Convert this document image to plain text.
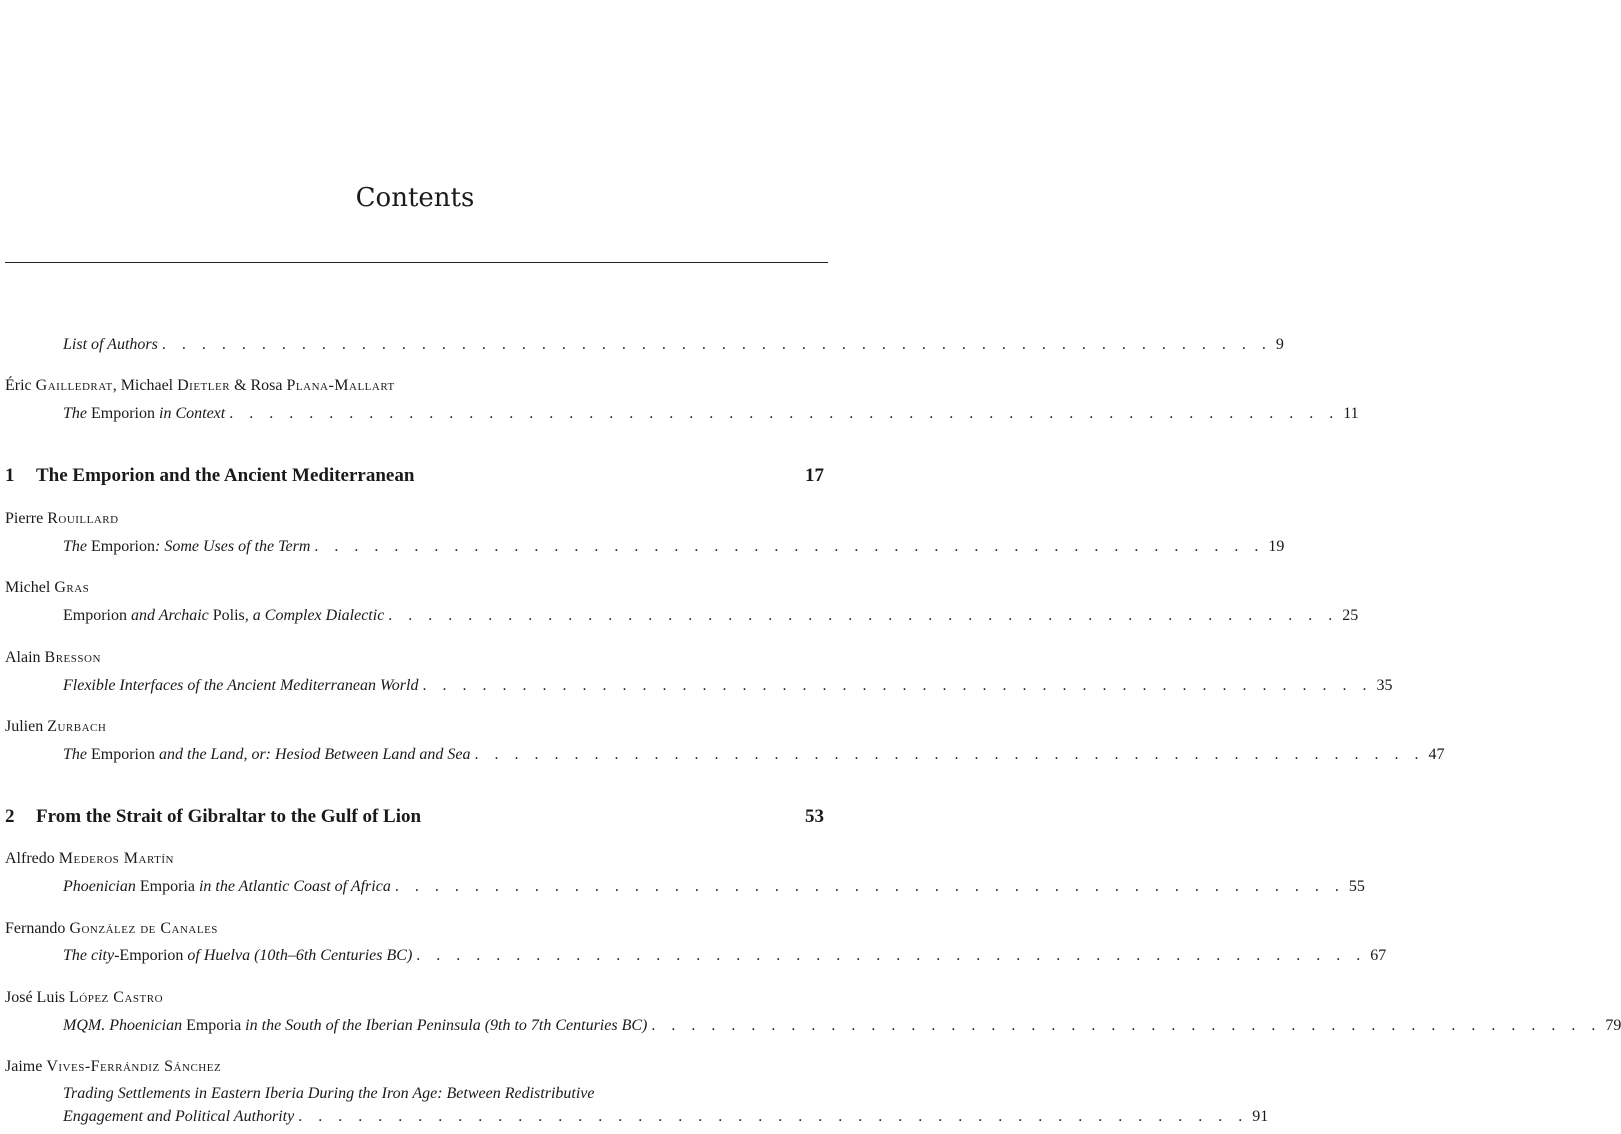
Contents
List of Authors . . . . . . . . . . . . . . . . . . . . . . . . . . . . . . . . . . . . . . . . . . . . . . . . . . . . . . . . 9
Éric Gailledrat, Michael Dietler & Rosa Plana-Mallart
The Emporion in Context . . . . . . . . . . . . . . . . . . . . . . . . . . . . . . . . . . . . . . . . . . . . . . . . . . . . . . . . 11
1	The Emporion and the Ancient Mediterranean	17
Pierre Rouillard
The Emporion: Some Uses of the Term . . . . . . . . . . . . . . . . . . . . . . . . . . . . . . . . . . . . . . . . . . . . . . . . 19
Michel Gras
Emporion and Archaic Polis, a Complex Dialectic . . . . . . . . . . . . . . . . . . . . . . . . . . . . . . . . . . . . . . . . . . . . . . . . 25
Alain Bresson
Flexible Interfaces of the Ancient Mediterranean World . . . . . . . . . . . . . . . . . . . . . . . . . . . . . . . . . . . . . . . . . . . . . . . . 35
Julien Zurbach
The Emporion and the Land, or: Hesiod Between Land and Sea . . . . . . . . . . . . . . . . . . . . . . . . . . . . . . . . . . . . . . . . . . . . . . . . 47
2	From the Strait of Gibraltar to the Gulf of Lion	53
Alfredo Mederos Martín
Phoenician Emporia in the Atlantic Coast of Africa . . . . . . . . . . . . . . . . . . . . . . . . . . . . . . . . . . . . . . . . . . . . . . . . 55
Fernando González de Canales
The city-Emporion of Huelva (10th–6th Centuries BC) . . . . . . . . . . . . . . . . . . . . . . . . . . . . . . . . . . . . . . . . . . . . . . . . 67
José Luis López Castro
MQM. Phoenician Emporia in the South of the Iberian Peninsula (9th to 7th Centuries BC) . . . . . . . . . . . . . . . . . . . . . . . . . . . . . . . . . . . . . . . . . . . . . . . . 79
Jaime Vives-Ferrándiz Sánchez
Trading Settlements in Eastern Iberia During the Iron Age: Between Redistributive
Engagement and Political Authority . . . . . . . . . . . . . . . . . . . . . . . . . . . . . . . . . . . . . . . . . . . . . . . . 91
